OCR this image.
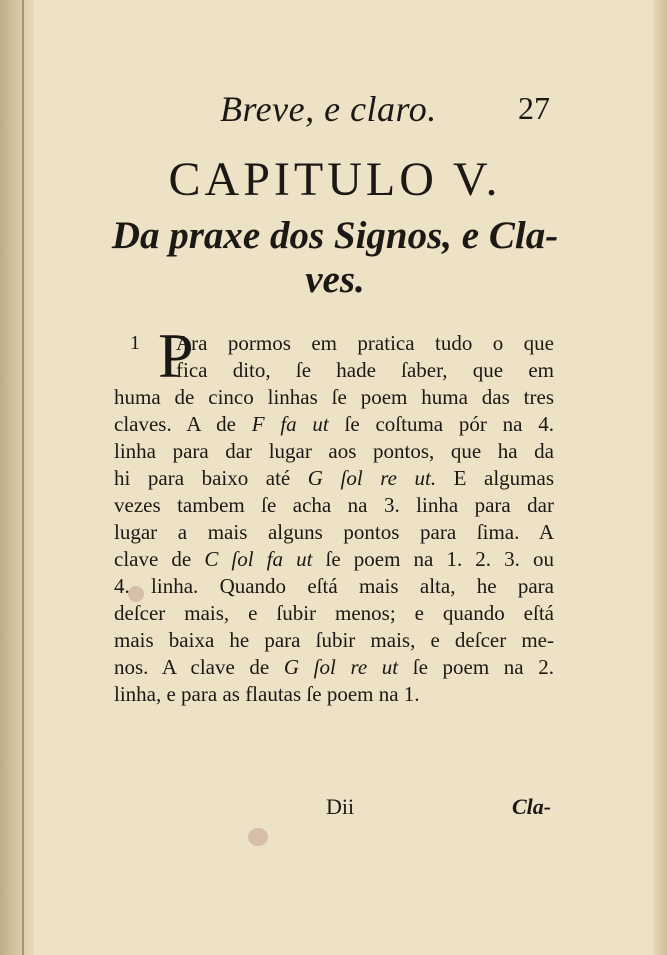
Breve, e claro.	27
CAPITULO V.
Da praxe dos Signos, e Cla-
ves.
1 P
Ara pormos em pratica tudo o que
fica dito, ſe hade ſaber, que em
huma de cinco linhas ſe poem huma das tres
claves. A de F fa ut ſe coſtuma pór na 4.
linha para dar lugar aos pontos, que ha da
hi para baixo até G ſol re ut. E algumas
vezes tambem ſe acha na 3. linha para dar
lugar a mais alguns pontos para ſima. A
clave de C ſol fa ut ſe poem na 1. 2. 3. ou
4. linha. Quando eſtá mais alta, he para
deſcer mais, e ſubir menos; e quando eſtá
mais baixa he para ſubir mais, e deſcer me-
nos. A clave de G ſol re ut ſe poem na 2.
linha, e para as flautas ſe poem na 1.
Dii	Cla-
